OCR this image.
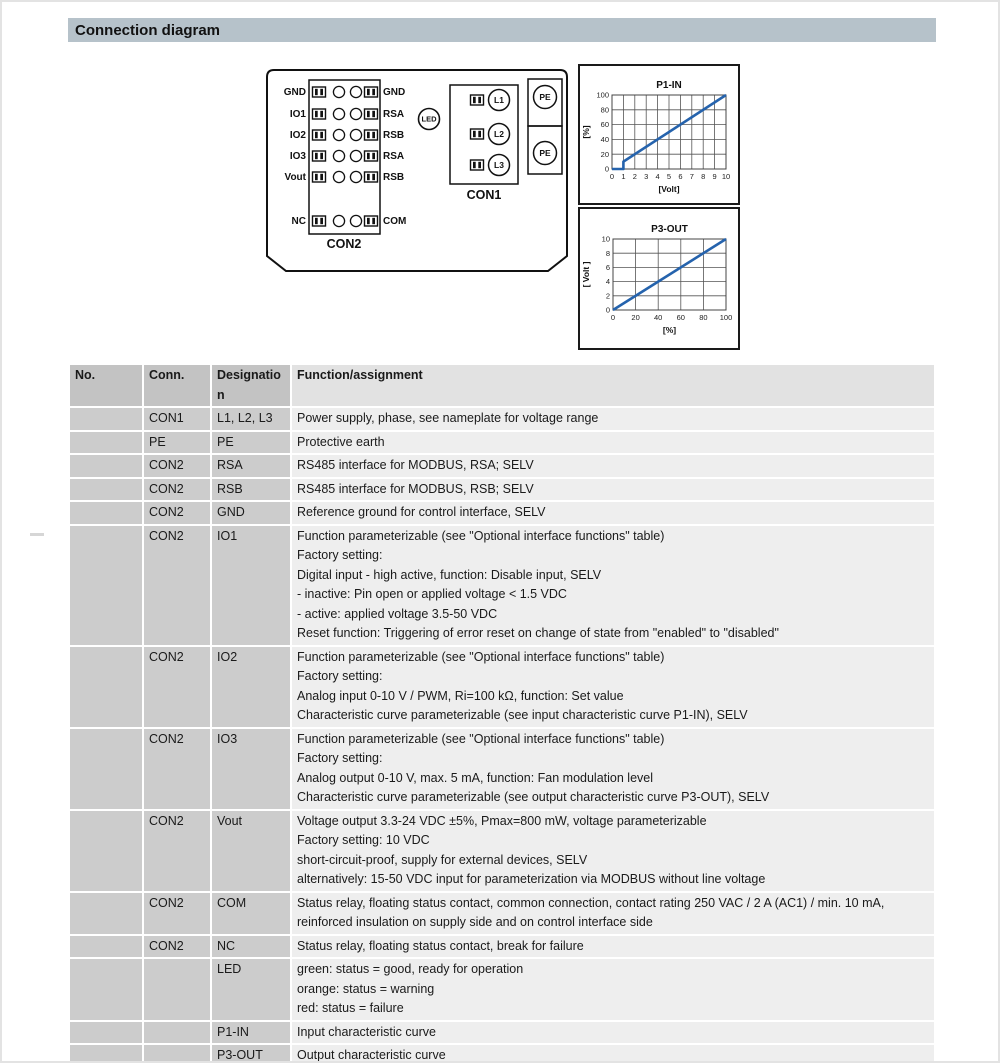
Connection diagram
GND
IO1
IO2
IO3
Vout
NC
GND
RSA
RSB
RSA
RSB
COM
CON2
LED
L1
L2
L3
CON1
PE
PE
0 1 2 3 4 5 6 7 8 9 10
0
20
40
60
80
100
P1-IN
[Volt]
[%]
0 20 40 60 80 100
0
2
4
6
8
10
P3-OUT
[%]
[ Volt ]
No.	Conn.	Designation	Function/assignment
	CON1	L1, L2, L3	Power supply, phase, see nameplate for voltage range

	PE	PE	Protective earth

	CON2	RSA	RS485 interface for MODBUS, RSA; SELV

	CON2	RSB	RS485 interface for MODBUS, RSB; SELV

	CON2	GND	Reference ground for control interface, SELV

	CON2	IO1	Function parameterizable (see "Optional interface functions" table)
Factory setting:
Digital input - high active, function: Disable input, SELV
- inactive: Pin open or applied voltage < 1.5 VDC
- active: applied voltage 3.5-50 VDC
Reset function: Triggering of error reset on change of state from "enabled" to "disabled"

	CON2	IO2	Function parameterizable (see "Optional interface functions" table)
Factory setting:
Analog input 0-10 V / PWM, Ri=100 kΩ, function: Set value
Characteristic curve parameterizable (see input characteristic curve P1-IN), SELV

	CON2	IO3	Function parameterizable (see "Optional interface functions" table)
Factory setting:
Analog output 0-10 V, max. 5 mA, function: Fan modulation level
Characteristic curve parameterizable (see output characteristic curve P3-OUT), SELV

	CON2	Vout	Voltage output 3.3-24 VDC ±5%, Pmax=800 mW, voltage parameterizable
Factory setting: 10 VDC
short-circuit-proof, supply for external devices, SELV
alternatively: 15-50 VDC input for parameterization via MODBUS without line voltage

	CON2	COM	Status relay, floating status contact, common connection, contact rating 250 VAC / 2 A (AC1) / min. 10 mA, reinforced insulation on supply side and on control interface side

	CON2	NC	Status relay, floating status contact, break for failure

		LED	green: status = good, ready for operation
orange: status = warning
red: status = failure

		P1-IN	Input characteristic curve

		P3-OUT	Output characteristic curve
